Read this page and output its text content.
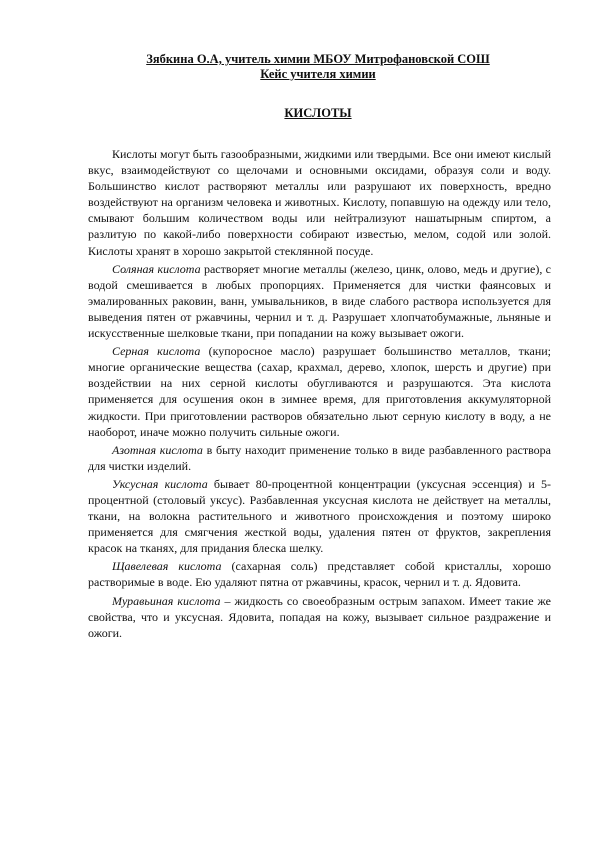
Зябкина О.А, учитель химии МБОУ Митрофановской СОШ
Кейс учителя химии
КИСЛОТЫ

Кислоты могут быть газообразными, жидкими или твердыми. Все они имеют кислый вкус, взаимодействуют со щелочами и основными оксидами, образуя соли и воду. Большинство кислот растворяют металлы или разрушают их поверхность, вредно воздействуют на организм человека и животных. Кислоту, попавшую на одежду или тело, смывают большим количеством воды или нейтрализуют нашатырным спиртом, а разлитую по какой-либо поверхности собирают известью, мелом, содой или золой. Кислоты хранят в хорошо закрытой стеклянной посуде.

Соляная кислота растворяет многие металлы (железо, цинк, олово, медь и другие), с водой смешивается в любых пропорциях. Применяется для чистки фаянсовых и эмалированных раковин, ванн, умывальников, в виде слабого раствора используется для выведения пятен от ржавчины, чернил и т. д. Разрушает хлопчатобумажные, льняные и искусственные шелковые ткани, при попадании на кожу вызывает ожоги.

Серная кислота (купоросное масло) разрушает большинство металлов, ткани; многие органические вещества (сахар, крахмал, дерево, хлопок, шерсть и другие) при воздействии на них серной кислоты обугливаются и разрушаются. Эта кислота применяется для осушения окон в зимнее время, для приготовления аккумуляторной жидкости. При приготовлении растворов обязательно льют серную кислоту в воду, а не наоборот, иначе можно получить сильные ожоги.

Азотная кислота в быту находит применение только в виде разбавленного раствора для чистки изделий.

Уксусная кислота бывает 80-процентной концентрации (уксусная эссенция) и 5-процентной (столовый уксус). Разбавленная уксусная кислота не действует на металлы, ткани, на волокна растительного и животного происхождения и поэтому широко применяется для смягчения жесткой воды, удаления пятен от фруктов, закрепления красок на тканях, для придания блеска шелку.

Щавелевая кислота (сахарная соль) представляет собой кристаллы, хорошо растворимые в воде. Ею удаляют пятна от ржавчины, красок, чернил и т. д. Ядовита.

Муравьиная кислота – жидкость со своеобразным острым запахом. Имеет такие же свойства, что и уксусная. Ядовита, попадая на кожу, вызывает сильное раздражение и ожоги.
